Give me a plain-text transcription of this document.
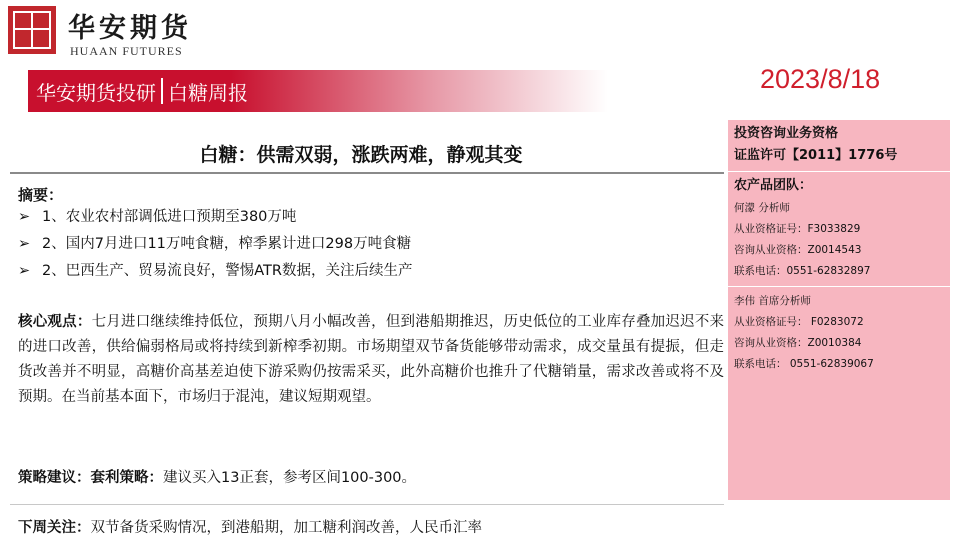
华安期货
HUAAN FUTURES
华安期货投研 白糖周报	2023/8/18
白糖：供需双弱，涨跌两难，静观其变
摘要：
➢ 1、农业农村部调低进口预期至380万吨
➢ 2、国内7月进口11万吨食糖，榨季累计进口298万吨食糖
➢ 2、巴西生产、贸易流良好，警惕ATR数据，关注后续生产
核心观点：七月进口继续维持低位，预期八月小幅改善，但到港船期推迟，历史低位的工业库存叠加迟迟不来的进口改善，供给偏弱格局或将持续到新榨季初期。市场期望双节备货能够带动需求，成交量虽有提振，但走货改善并不明显，高糖价高基差迫使下游采购仍按需采买，此外高糖价也推升了代糖销量，需求改善或将不及预期。在当前基本面下，市场归于混沌，建议短期观望。
策略建议：套利策略：建议买入13正套，参考区间100-300。
下周关注：双节备货采购情况，到港船期，加工糖利润改善，人民币汇率
投资咨询业务资格
证监许可【2011】1776号
农产品团队：
何濛 分析师
从业资格证号：F3033829
咨询从业资格：Z0014543
联系电话：0551-62832897
李伟 首席分析师
从业资格证号： F0283072
咨询从业资格：Z0010384
联系电话： 0551-62839067
